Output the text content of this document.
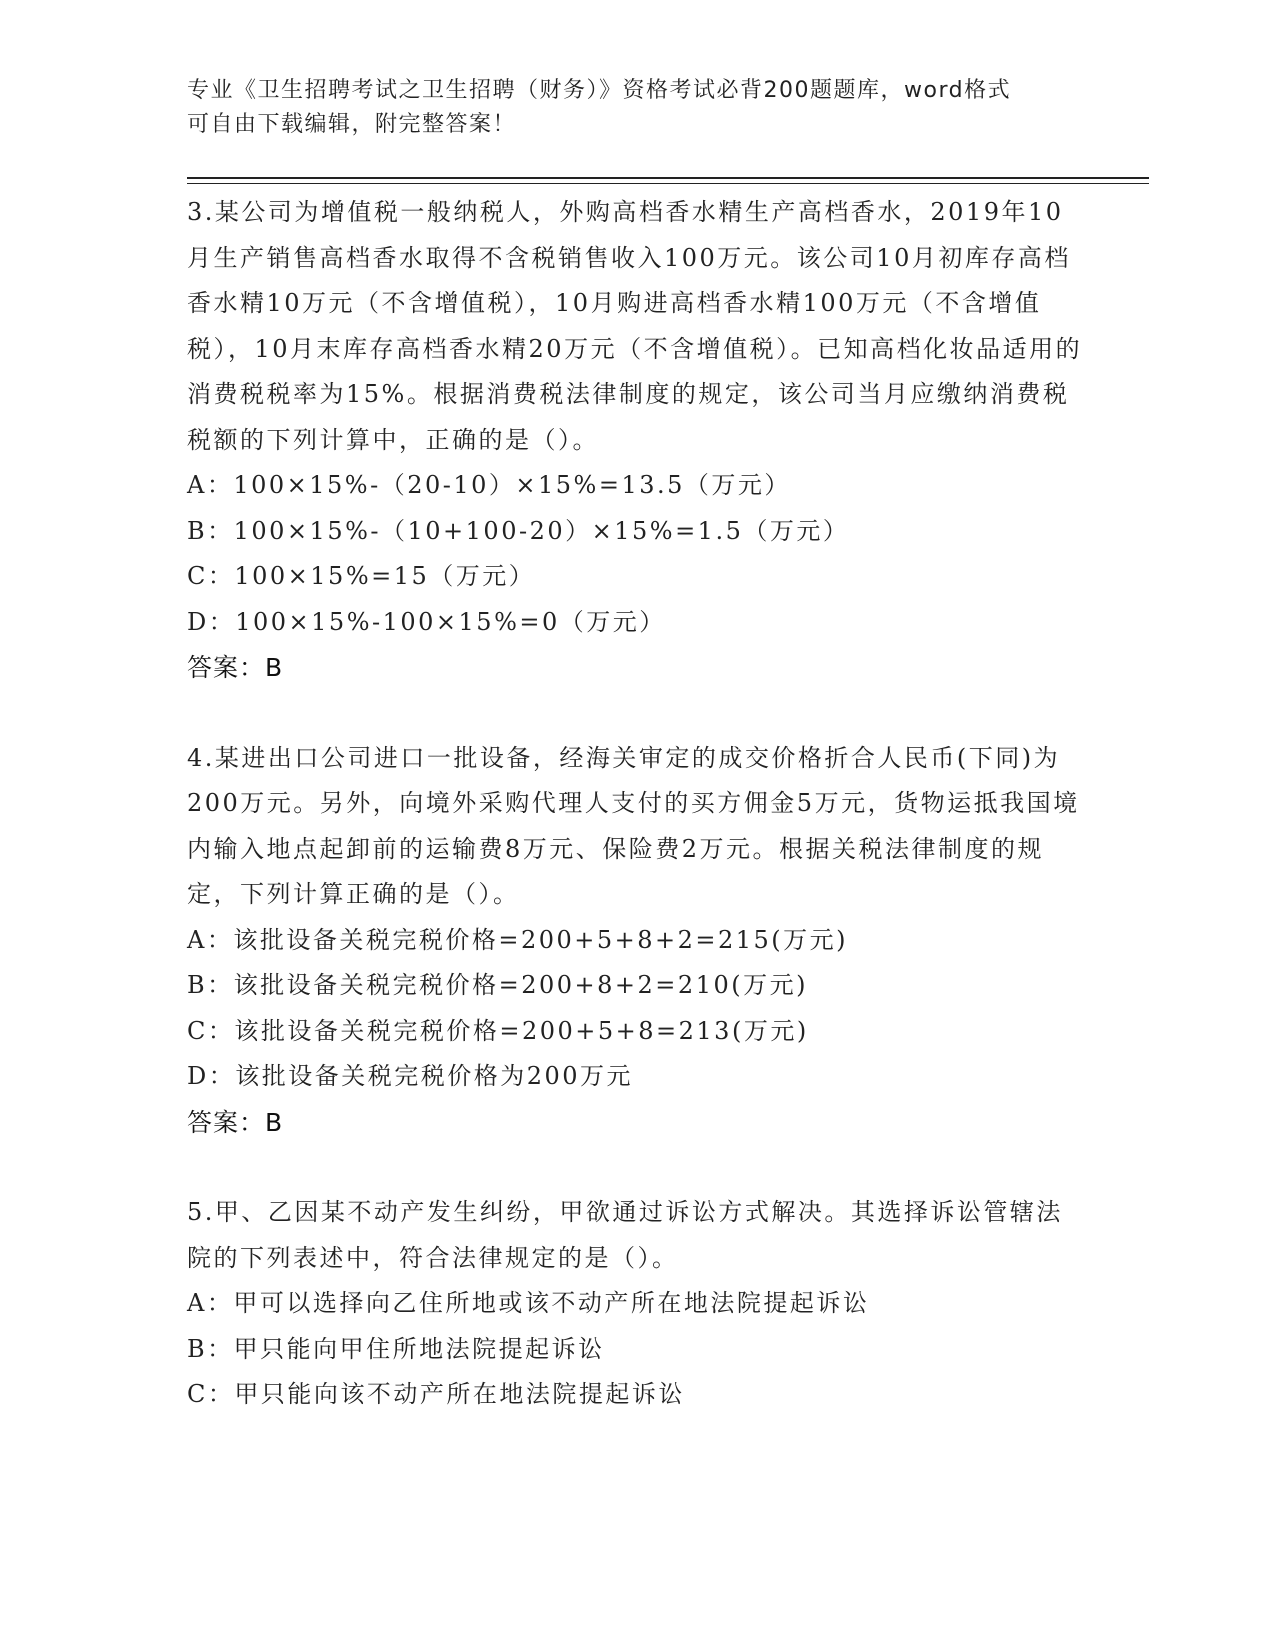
专业《卫生招聘考试之卫生招聘（财务）》资格考试必背200题题库，word格式
可自由下载编辑，附完整答案！

3.某公司为增值税一般纳税人，外购高档香水精生产高档香水，2019年10月生产销售高档香水取得不含税销售收入100万元。该公司10月初库存高档香水精10万元（不含增值税），10月购进高档香水精100万元（不含增值税），10月末库存高档香水精20万元（不含增值税）。已知高档化妆品适用的消费税税率为15%。根据消费税法律制度的规定，该公司当月应缴纳消费税税额的下列计算中，正确的是（）。

A：100×15%-（20-10）×15%=13.5（万元）

B：100×15%-（10+100-20）×15%=1.5（万元）

C：100×15%=15（万元）

D：100×15%-100×15%=0（万元）

答案：B

4.某进出口公司进口一批设备，经海关审定的成交价格折合人民币(下同)为200万元。另外，向境外采购代理人支付的买方佣金5万元，货物运抵我国境内输入地点起卸前的运输费8万元、保险费2万元。根据关税法律制度的规定，下列计算正确的是（）。

A：该批设备关税完税价格=200+5+8+2=215(万元)

B：该批设备关税完税价格=200+8+2=210(万元)

C：该批设备关税完税价格=200+5+8=213(万元)

D：该批设备关税完税价格为200万元

答案：B

5.甲、乙因某不动产发生纠纷，甲欲通过诉讼方式解决。其选择诉讼管辖法院的下列表述中，符合法律规定的是（）。

A：甲可以选择向乙住所地或该不动产所在地法院提起诉讼

B：甲只能向甲住所地法院提起诉讼

C：甲只能向该不动产所在地法院提起诉讼
